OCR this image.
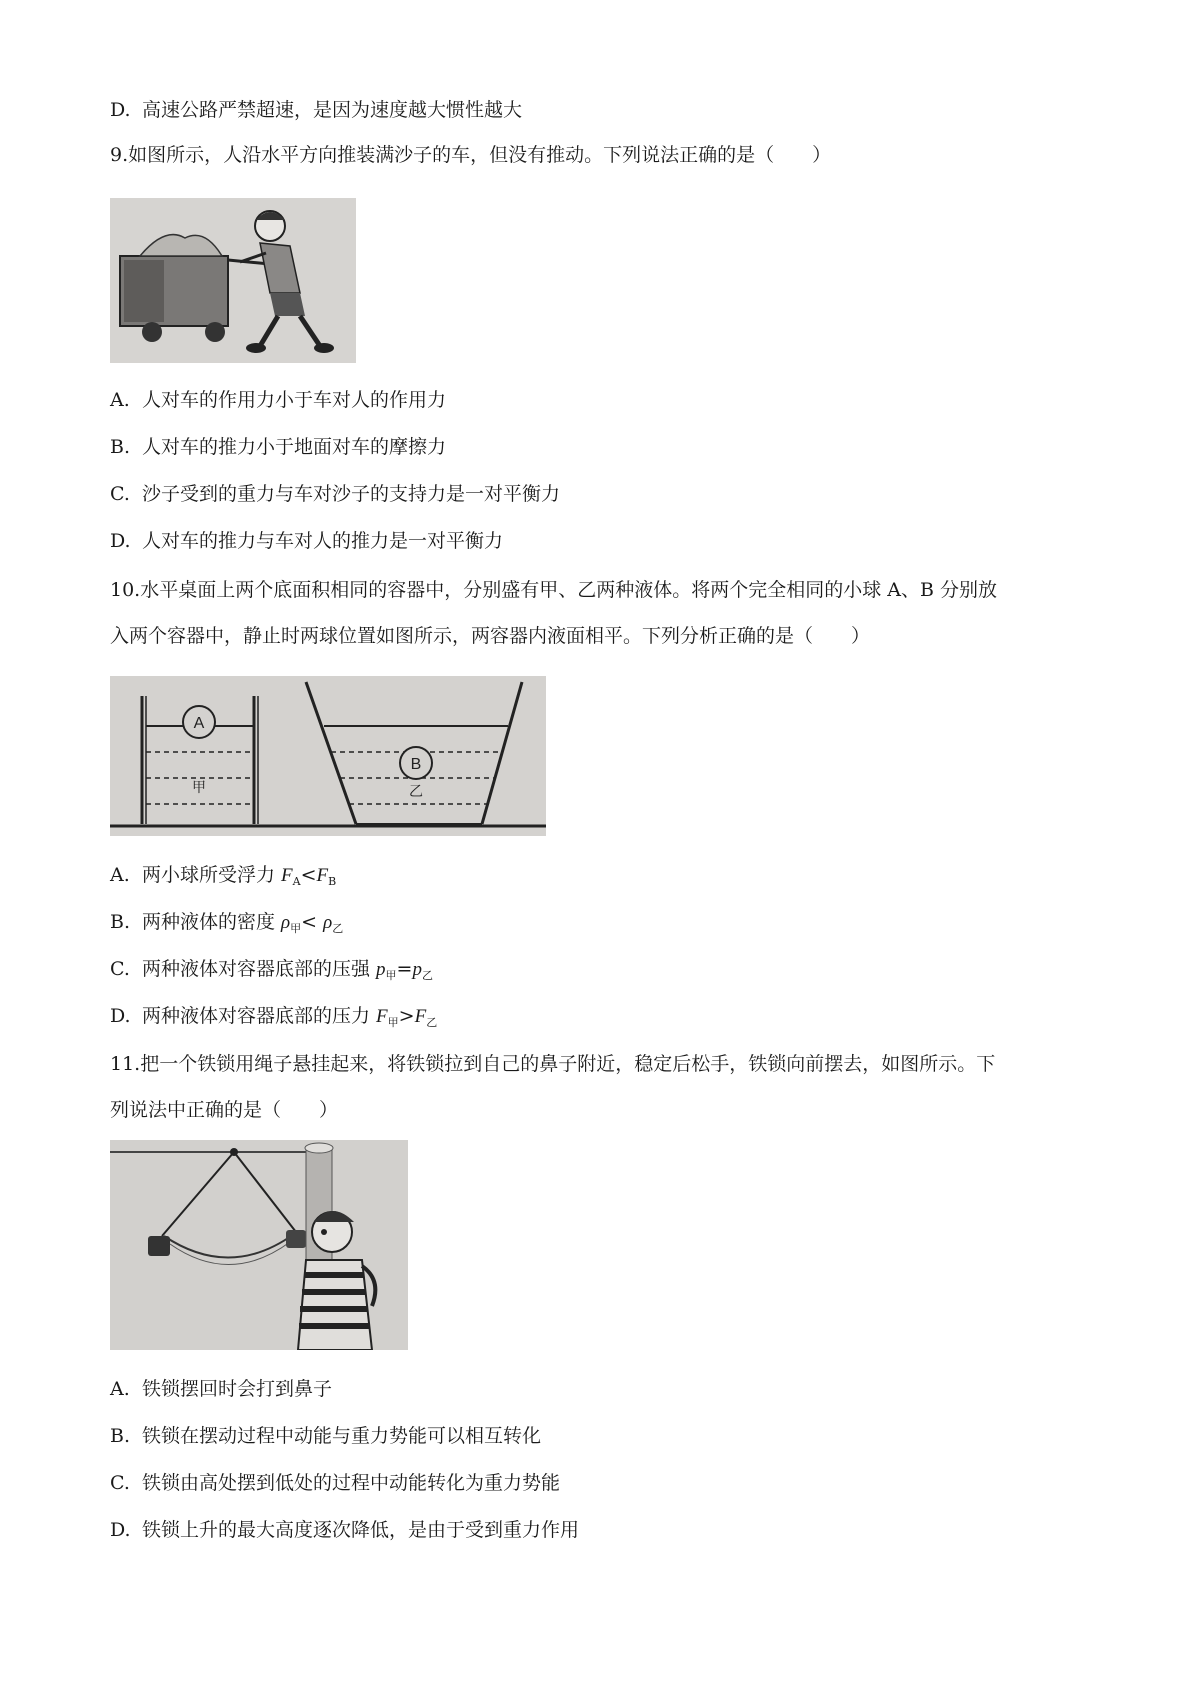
D. 高速公路严禁超速，是因为速度越大惯性越大
9.如图所示，人沿水平方向推装满沙子的车，但没有推动。下列说法正确的是（　　）
A. 人对车的作用力小于车对人的作用力
B. 人对车的推力小于地面对车的摩擦力
C. 沙子受到的重力与车对沙子的支持力是一对平衡力
D. 人对车的推力与车对人的推力是一对平衡力
10.水平桌面上两个底面积相同的容器中，分别盛有甲、乙两种液体。将两个完全相同的小球 A、B 分别放
入两个容器中，静止时两球位置如图所示，两容器内液面相平。下列分析正确的是（　　）
A
甲
B
乙
A. 两小球所受浮力 $F_A<F_B$
B. 两种液体的密度 $\rho_甲< \rho_乙$
C. 两种液体对容器底部的压强 $p_甲=p_乙$
D. 两种液体对容器底部的压力 $F_甲>F_乙$
11.把一个铁锁用绳子悬挂起来，将铁锁拉到自己的鼻子附近，稳定后松手，铁锁向前摆去，如图所示。下
列说法中正确的是（　　）
A. 铁锁摆回时会打到鼻子
B. 铁锁在摆动过程中动能与重力势能可以相互转化
C. 铁锁由高处摆到低处的过程中动能转化为重力势能
D. 铁锁上升的最大高度逐次降低，是由于受到重力作用
